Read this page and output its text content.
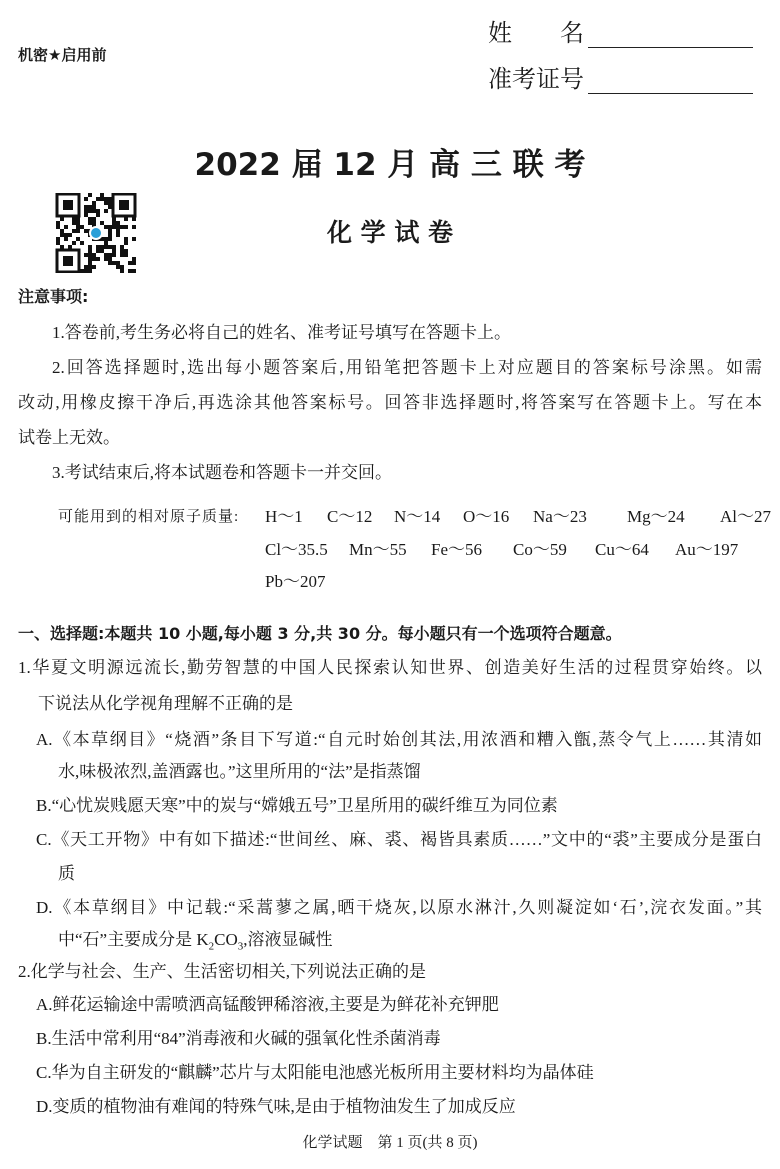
机密★启用前
姓　　名
准考证号
2022 届 12 月 高 三 联 考
化 学 试 卷
注意事项:
1.答卷前,考生务必将自己的姓名、准考证号填写在答题卡上。
2.回答选择题时,选出每小题答案后,用铅笔把答题卡上对应题目的答案标号涂黑。如需
改动,用橡皮擦干净后,再选涂其他答案标号。回答非选择题时,将答案写在答题卡上。写在本
试卷上无效。
3.考试结束后,将本试题卷和答题卡一并交回。
可能用到的相对原子质量: H～1 C～12 N～14 O～16 Na～23 Mg～24 Al～27
Cl～35.5 Mn～55 Fe～56 Co～59 Cu～64 Au～197
Pb～207
一、选择题:本题共 10 小题,每小题 3 分,共 30 分。每小题只有一个选项符合题意。
1.华夏文明源远流长,勤劳智慧的中国人民探索认知世界、创造美好生活的过程贯穿始终。以
下说法从化学视角理解不正确的是
A.《本草纲目》“烧酒”条目下写道:“自元时始创其法,用浓酒和糟入甑,蒸令气上……其清如
水,味极浓烈,盖酒露也。”这里所用的“法”是指蒸馏
B.“心忧炭贱愿天寒”中的炭与“嫦娥五号”卫星所用的碳纤维互为同位素
C.《天工开物》中有如下描述:“世间丝、麻、裘、褐皆具素质……”文中的“裘”主要成分是蛋白
质
D.《本草纲目》中记载:“采蒿蓼之属,晒干烧灰,以原水淋汁,久则凝淀如‘石’,浣衣发面。”其
中“石”主要成分是 $K_2CO_3$,溶液显碱性
2.化学与社会、生产、生活密切相关,下列说法正确的是
A.鲜花运输途中需喷洒高锰酸钾稀溶液,主要是为鲜花补充钾肥
B.生活中常利用“84”消毒液和火碱的强氧化性杀菌消毒
C.华为自主研发的“麒麟”芯片与太阳能电池感光板所用主要材料均为晶体硅
D.变质的植物油有难闻的特殊气味,是由于植物油发生了加成反应
化学试题　第 1 页(共 8 页)
